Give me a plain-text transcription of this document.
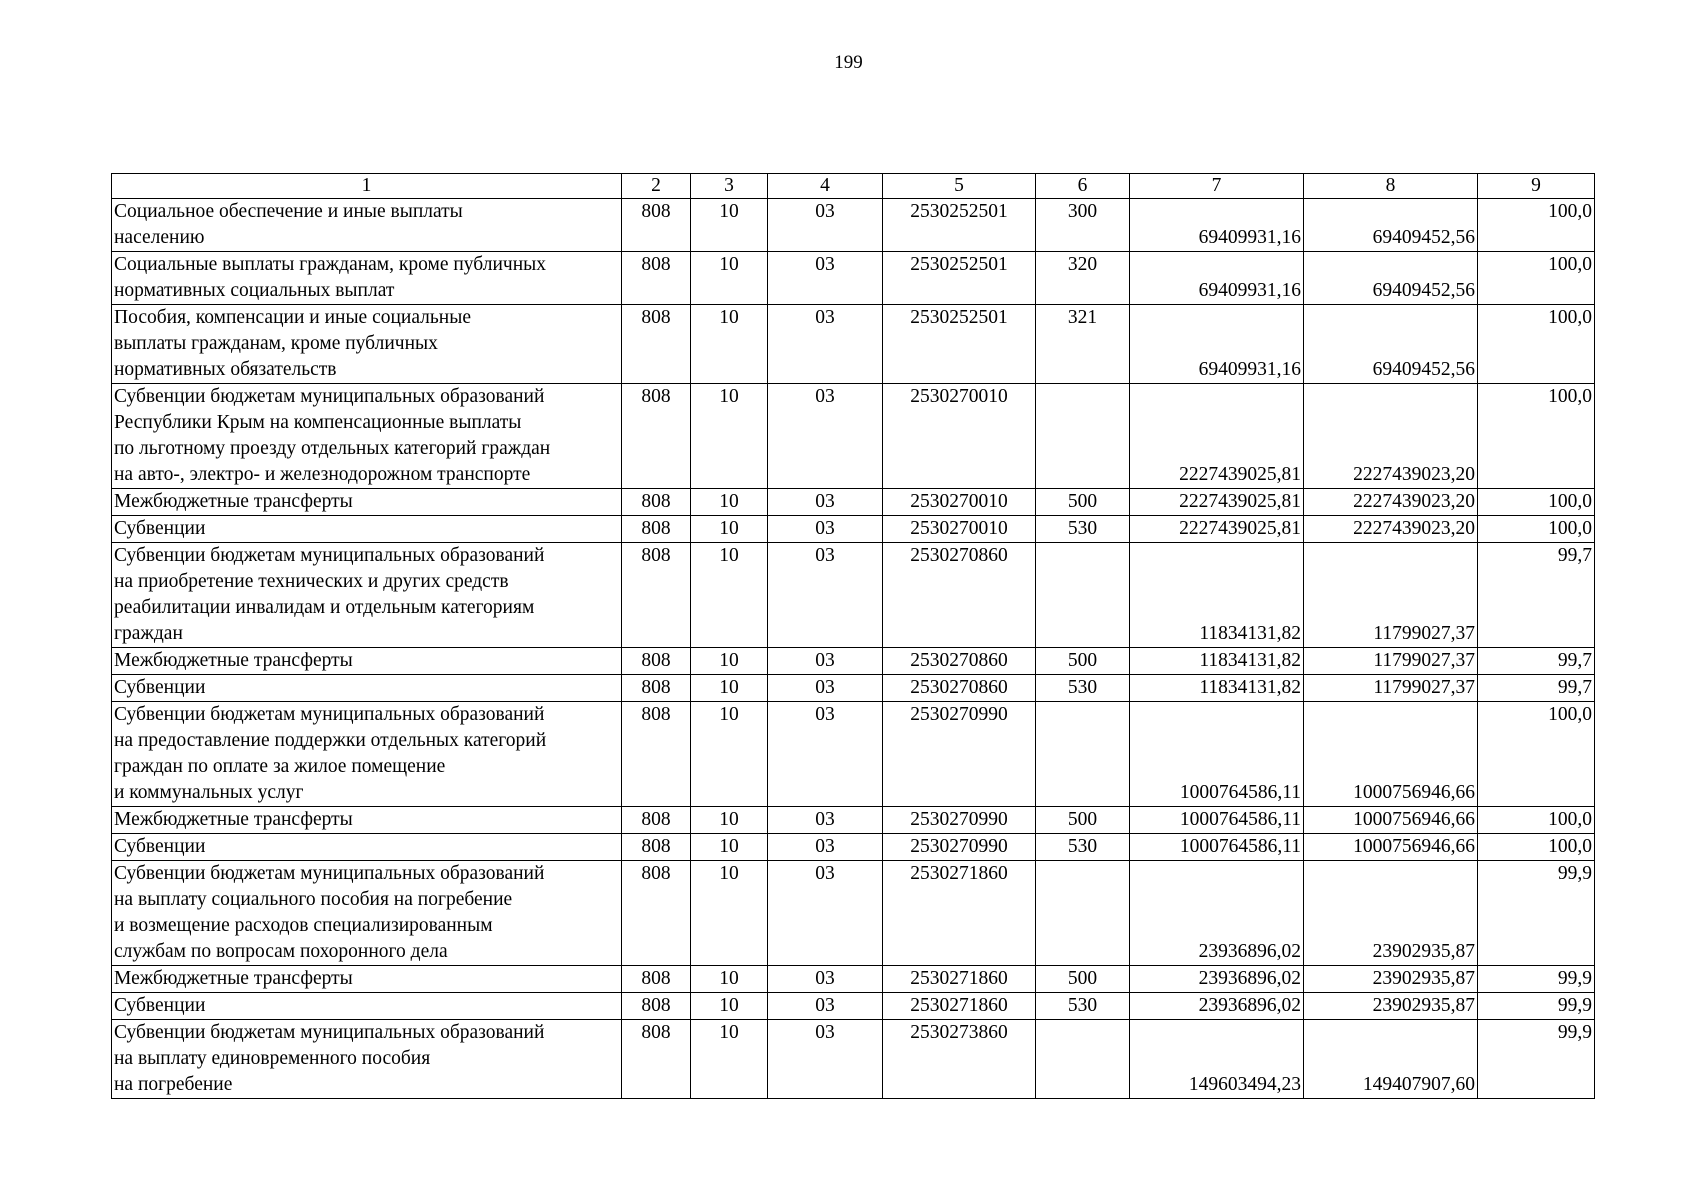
199
1	2	3	4	5	6	7	8	9
Социальное обеспечение и иные выплаты
населению	808	10	03	2530252501	300	69409931,16	69409452,56	100,0
Социальные выплаты гражданам, кроме публичных
нормативных социальных выплат	808	10	03	2530252501	320	69409931,16	69409452,56	100,0
Пособия, компенсации и иные социальные
выплаты гражданам, кроме публичных
нормативных обязательств	808	10	03	2530252501	321	69409931,16	69409452,56	100,0
Субвенции бюджетам муниципальных образований
Республики Крым на компенсационные выплаты
по льготному проезду отдельных категорий граждан
на авто-, электро- и железнодорожном транспорте	808	10	03	2530270010		2227439025,81	2227439023,20	100,0
Межбюджетные трансферты	808	10	03	2530270010	500	2227439025,81	2227439023,20	100,0
Субвенции	808	10	03	2530270010	530	2227439025,81	2227439023,20	100,0
Субвенции бюджетам муниципальных образований
на приобретение технических и других средств
реабилитации инвалидам и отдельным категориям
граждан	808	10	03	2530270860		11834131,82	11799027,37	99,7
Межбюджетные трансферты	808	10	03	2530270860	500	11834131,82	11799027,37	99,7
Субвенции	808	10	03	2530270860	530	11834131,82	11799027,37	99,7
Субвенции бюджетам муниципальных образований
на предоставление поддержки отдельных категорий
граждан по оплате за жилое помещение
и коммунальных услуг	808	10	03	2530270990		1000764586,11	1000756946,66	100,0
Межбюджетные трансферты	808	10	03	2530270990	500	1000764586,11	1000756946,66	100,0
Субвенции	808	10	03	2530270990	530	1000764586,11	1000756946,66	100,0
Субвенции бюджетам муниципальных образований
на выплату социального пособия на погребение
и возмещение расходов специализированным
службам по вопросам похоронного дела	808	10	03	2530271860		23936896,02	23902935,87	99,9
Межбюджетные трансферты	808	10	03	2530271860	500	23936896,02	23902935,87	99,9
Субвенции	808	10	03	2530271860	530	23936896,02	23902935,87	99,9
Субвенции бюджетам муниципальных образований
на выплату единовременного пособия
на погребение	808	10	03	2530273860		149603494,23	149407907,60	99,9
